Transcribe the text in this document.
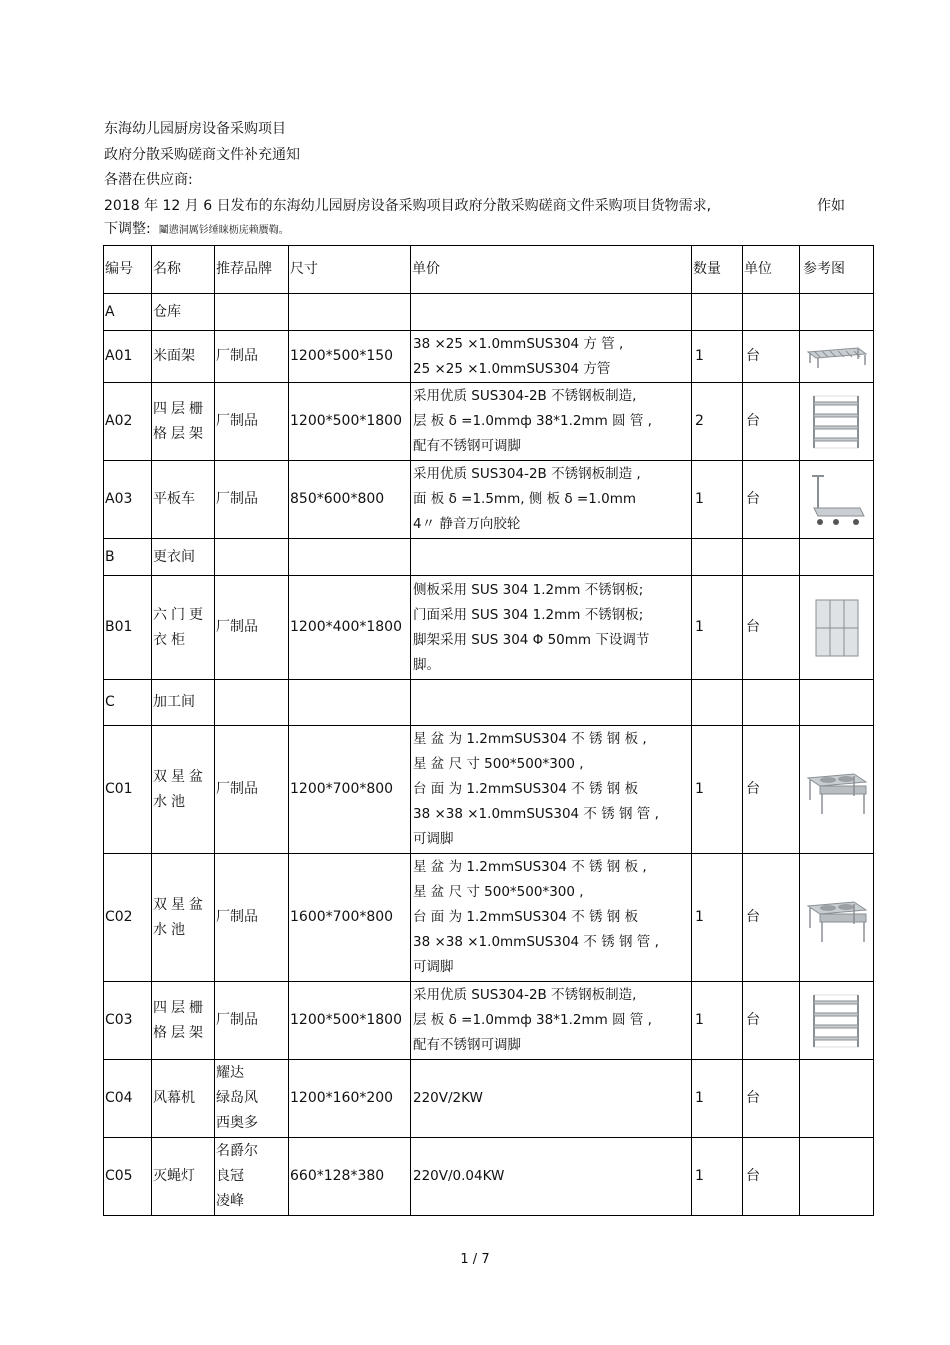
东海幼儿园厨房设备采购项目
政府分散采购磋商文件补充通知
各潜在供应商:
2018 年 12 月 6 日发布的东海幼儿园厨房设备采购项目政府分散采购磋商文件采购项目货物需求,	作如
下调整: 鬮懑洞厲钐缍睐枥庑赖贋鞫。
编号	名称	推荐品牌	尺寸	单价	数量	单位	参考图
A	仓库						
A01	米面架	厂制品	1200*500*150	38 ×25 ×1.0mmSUS304 方 管 ,
25 ×25 ×1.0mmSUS304 方管	1	台	

A02	四层栅格层架	厂制品	1200*500*1800	采用优质 SUS304-2B 不锈钢板制造,
层 板 δ =1.0mmф 38*1.2mm 圆 管 ,
配有不锈钢可调脚	2	台	

A03	平板车	厂制品	850*600*800	采用优质 SUS304-2B 不锈钢板制造 ,
面 板 δ =1.5mm, 侧 板 δ =1.0mm
4〃 静音万向胶轮	1	台	

B	更衣间						
B01	六门更衣柜	厂制品	1200*400*1800	侧板采用 SUS 304 1.2mm 不锈钢板;
门面采用 SUS 304 1.2mm 不锈钢板;
脚架采用 SUS 304 Φ 50mm 下设调节
脚。	1	台	

C	加工间						
C01	双星盆水池	厂制品	1200*700*800	星 盆 为 1.2mmSUS304 不 锈 钢 板 ,
星 盆 尺 寸 500*500*300 ,
台 面 为 1.2mmSUS304 不 锈 钢 板
38 ×38 ×1.0mmSUS304 不 锈 钢 管 ,
可调脚	1	台	

C02	双星盆水池	厂制品	1600*700*800	星 盆 为 1.2mmSUS304 不 锈 钢 板 ,
星 盆 尺 寸 500*500*300 ,
台 面 为 1.2mmSUS304 不 锈 钢 板
38 ×38 ×1.0mmSUS304 不 锈 钢 管 ,
可调脚	1	台	

C03	四层栅格层架	厂制品	1200*500*1800	采用优质 SUS304-2B 不锈钢板制造,
层 板 δ =1.0mmф 38*1.2mm 圆 管 ,
配有不锈钢可调脚	1	台	

C04	风幕机	耀达
绿岛风
西奥多	1200*160*200	220V/2KW	1	台	
C05	灭蝇灯	名爵尔
良冠
凌峰	660*128*380	220V/0.04KW	1	台	
1 / 7
